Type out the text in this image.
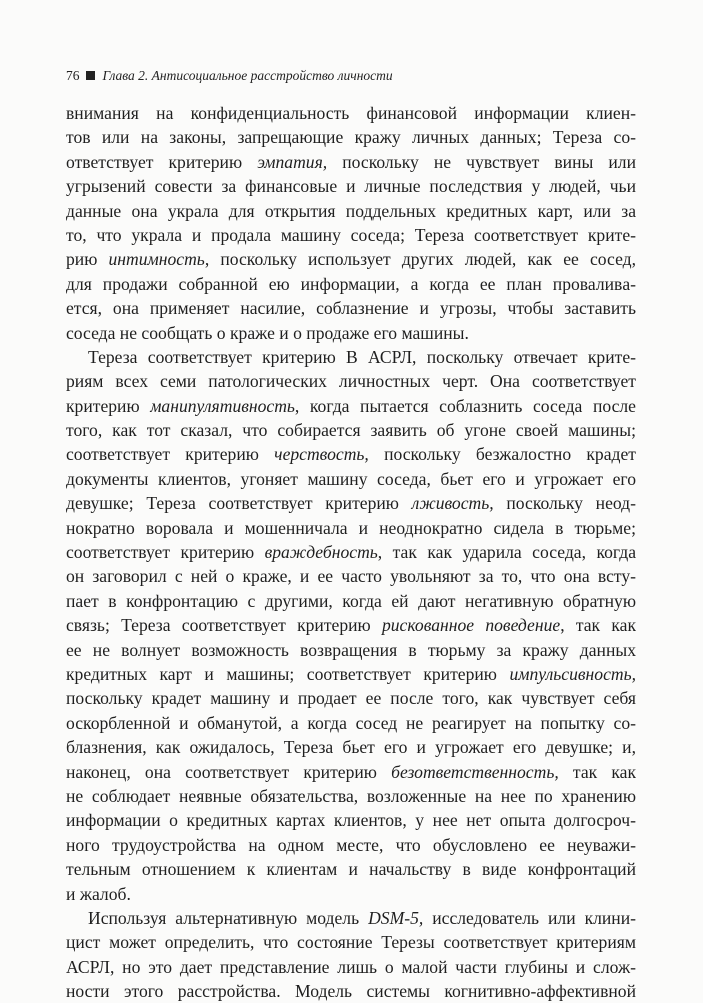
76 Глава 2. Антисоциальное расстройство личности
внимания на конфиденциальность финансовой информации клиен-
тов или на законы, запрещающие кражу личных данных; Тереза со-
ответствует критерию эмпатия, поскольку не чувствует вины или
угрызений совести за финансовые и личные последствия у людей, чьи
данные она украла для открытия поддельных кредитных карт, или за
то, что украла и продала машину соседа; Тереза соответствует крите-
рию интимность, поскольку использует других людей, как ее сосед,
для продажи собранной ею информации, а когда ее план проваливa-
ется, она применяет насилие, соблазнение и угрозы, чтобы заставить
соседа не сообщать о краже и о продаже его машины.
Тереза соответствует критерию В АСРЛ, поскольку отвечает крите-
риям всех семи патологических личностных черт. Она соответствует
критерию манипулятивность, когда пытается соблазнить соседа после
того, как тот сказал, что собирается заявить об угоне своей машины;
соответствует критерию черствость, поскольку безжалостно крадет
документы клиентов, угоняет машину соседа, бьет его и угрожает его
девушке; Тереза соответствует критерию лживость, поскольку неод-
нократно воровала и мошенничала и неоднократно сидела в тюрьме;
соответствует критерию враждебность, так как ударила соседа, когда
он заговорил с ней о краже, и ее часто увольняют за то, что она всту-
пает в конфронтацию с другими, когда ей дают негативную обратную
связь; Тереза соответствует критерию рискованное поведение, так как
ее не волнует возможность возвращения в тюрьму за кражу данных
кредитных карт и машины; соответствует критерию импульсивность,
поскольку крадет машину и продает ее после того, как чувствует себя
оскорбленной и обманутой, а когда сосед не реагирует на попытку со-
блазнения, как ожидалось, Тереза бьет его и угрожает его девушке; и,
наконец, она соответствует критерию безответственность, так как
не соблюдает неявные обязательства, возложенные на нее по хранению
информации о кредитных картах клиентов, у нее нет опыта долгосроч-
ного трудоустройства на одном месте, что обусловлено ее неуважи-
тельным отношением к клиентам и начальству в виде конфронтаций
и жалоб.
Используя альтернативную модель DSM-5, исследователь или клини-
цист может определить, что состояние Терезы соответствует критериям
АСРЛ, но это дает представление лишь о малой части глубины и слож-
ности этого расстройства. Модель системы когнитивно-аффективной
